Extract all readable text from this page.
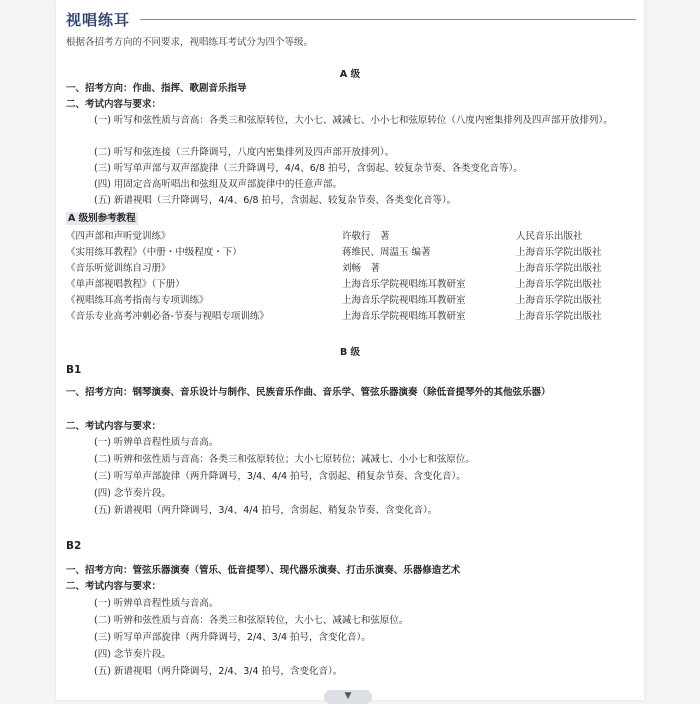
视唱练耳
根据各招考方向的不同要求，视唱练耳考试分为四个等级。
A 级
一、招考方向：作曲、指挥、歌剧音乐指导
二、考试内容与要求：
(一) 听写和弦性质与音高：各类三和弦原转位，大小七、减减七、小小七和弦原转位（八度内密集排列及四声部开放排列）。
(二) 听写和弦连接（三升降调号，八度内密集排列及四声部开放排列）。
(三) 听写单声部与双声部旋律（三升降调号，4/4、6/8 拍号，含弱起、较复杂节奏、各类变化音等）。
(四) 用固定音高听唱出和弦组及双声部旋律中的任意声部。
(五) 新谱视唱（三升降调号，4/4、6/8 拍号，含弱起、较复杂节奏、各类变化音等）。
A 级别参考教程
《四声部和声听觉训练》	许敬行　著	人民音乐出版社
《实用练耳教程》（中册・中级程度・下）	蒋维民、周温玉 编著	上海音乐学院出版社
《音乐听觉训练自习册》	刘畅　著	上海音乐学院出版社
《单声部视唱教程》（下册）	上海音乐学院视唱练耳教研室	上海音乐学院出版社
《视唱练耳高考指南与专项训练》	上海音乐学院视唱练耳教研室	上海音乐学院出版社
《音乐专业高考冲刺必备-节奏与视唱专项训练》	上海音乐学院视唱练耳教研室	上海音乐学院出版社
B 级
B1
一、招考方向：钢琴演奏、音乐设计与制作、民族音乐作曲、音乐学、管弦乐器演奏（除低音提琴外的其他弦乐器）
二、考试内容与要求：
(一) 听辨单音程性质与音高。
(二) 听辨和弦性质与音高：各类三和弦原转位；大小七原转位；减减七、小小七和弦原位。
(三) 听写单声部旋律（两升降调号，3/4、4/4 拍号，含弱起、稍复杂节奏、含变化音）。
(四) 念节奏片段。
(五) 新谱视唱（两升降调号，3/4、4/4 拍号，含弱起、稍复杂节奏、含变化音）。
B2
一、招考方向：管弦乐器演奏（管乐、低音提琴）、现代器乐演奏、打击乐演奏、乐器修造艺术
二、考试内容与要求：
(一) 听辨单音程性质与音高。
(二) 听辨和弦性质与音高：各类三和弦原转位，大小七、减减七和弦原位。
(三) 听写单声部旋律（两升降调号，2/4、3/4 拍号，含变化音）。
(四) 念节奏片段。
(五) 新谱视唱（两升降调号，2/4、3/4 拍号，含变化音）。
▼
